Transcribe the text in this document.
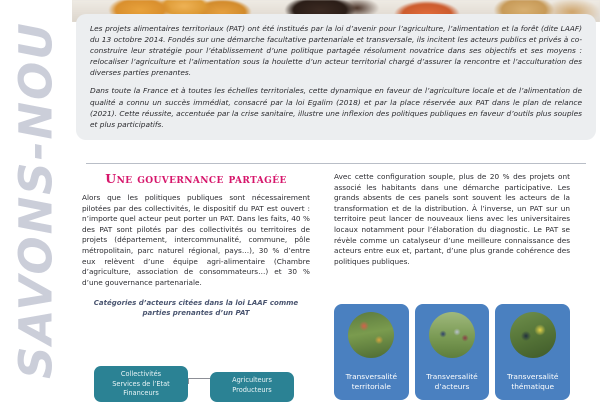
SAVONS-NOU	Les projets alimentaires territoriaux (PAT) ont été institués par la loi d’avenir pour l’agriculture, l’alimentation et la forêt (dite LAAF) du 13 octobre 2014. Fondés sur une démarche facultative partenariale et transversale, ils incitent les acteurs publics et privés à co-construire leur stratégie pour l’établissement d’une politique partagée résolument novatrice dans ses objectifs et ses moyens : relocaliser l’agriculture et l’alimentation sous la houlette d’un acteur territorial chargé d’assurer la rencontre et l’acculturation des diverses parties prenantes.

Dans toute la France et à toutes les échelles territoriales, cette dynamique en faveur de l’agriculture locale et de l’alimentation de qualité a connu un succès immédiat, consacré par la loi Egalim (2018) et par la place réservée aux PAT dans le plan de relance (2021). Cette réussite, accentuée par la crise sanitaire, illustre une inflexion des politiques publiques en faveur d’outils plus souples et plus participatifs.

Une gouvernance partagée

Alors que les politiques publiques sont nécessairement pilotées par des collectivités, le dispositif du PAT est ouvert : n’importe quel acteur peut porter un PAT. Dans les faits, 40 % des PAT sont pilotés par des collectivités ou territoires de projets (département, intercommunalité, commune, pôle métropolitain, parc naturel régional, pays…), 30 % d’entre eux relèvent d’une équipe agri-alimentaire (Chambre d’agriculture, association de consommateurs…) et 30 % d’une gouvernance partenariale.

Catégories d’acteurs citées dans la loi LAAF comme parties prenantes d’un PAT

Collectivités
Services de l’Etat
Financeurs
Agriculteurs
Producteurs

Avec cette configuration souple, plus de 20 % des projets ont associé les habitants dans une démarche participative. Les grands absents de ces panels sont souvent les acteurs de la transformation et de la distribution. À l’inverse, un PAT sur un territoire peut lancer de nouveaux liens avec les universitaires locaux notamment pour l’élaboration du diagnostic. Le PAT se révèle comme un catalyseur d’une meilleure connaissance des acteurs entre eux et, partant, d’une plus grande cohérence des politiques publiques.

Transversalité territoriale
Transversalité d’acteurs
Transversalité thématique
